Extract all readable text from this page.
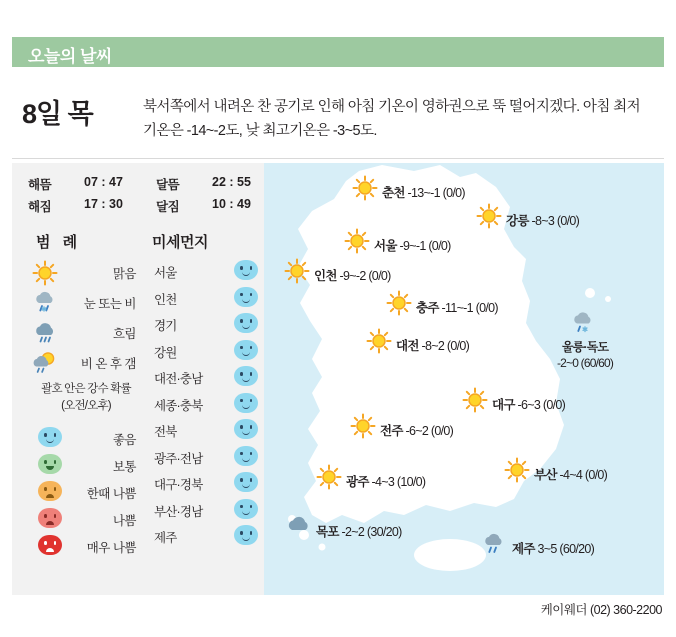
오늘의 날씨
8일 목	북서쪽에서 내려온 찬 공기로 인해 아침 기온이 영하권으로 뚝 떨어지겠다. 아침 최저기온은 -14~-2도, 낮 최고기온은 -3~5도.
해뜸	07 : 47	달뜸	22 : 55
해짐	17 : 30	달짐	10 : 49
범 례	미세먼지
맑음
눈 또는 비
흐림
비 온 후 갬
괄호 안은 강수 확률
(오전/오후)
좋음
보통
한때 나쁨
나쁨
매우 나쁨
서울
인천
경기
강원
대전·충남
세종·충북
전북
광주·전남
대구·경북
부산·경남
제주
춘천 -13~-1 (0/0)
강릉 -8~3 (0/0)
서울 -9~-1 (0/0)
인천 -9~-2 (0/0)
충주 -11~-1 (0/0)
대전 -8~2 (0/0)
대구 -6~3 (0/0)
전주 -6~2 (0/0)
광주 -4~3 (10/0)	부산 -4~4 (0/0)
목포 -2~2 (30/20)
제주 3~5 (60/20)
울릉·독도
-2~0 (60/60)
케이웨더 (02) 360-2200
